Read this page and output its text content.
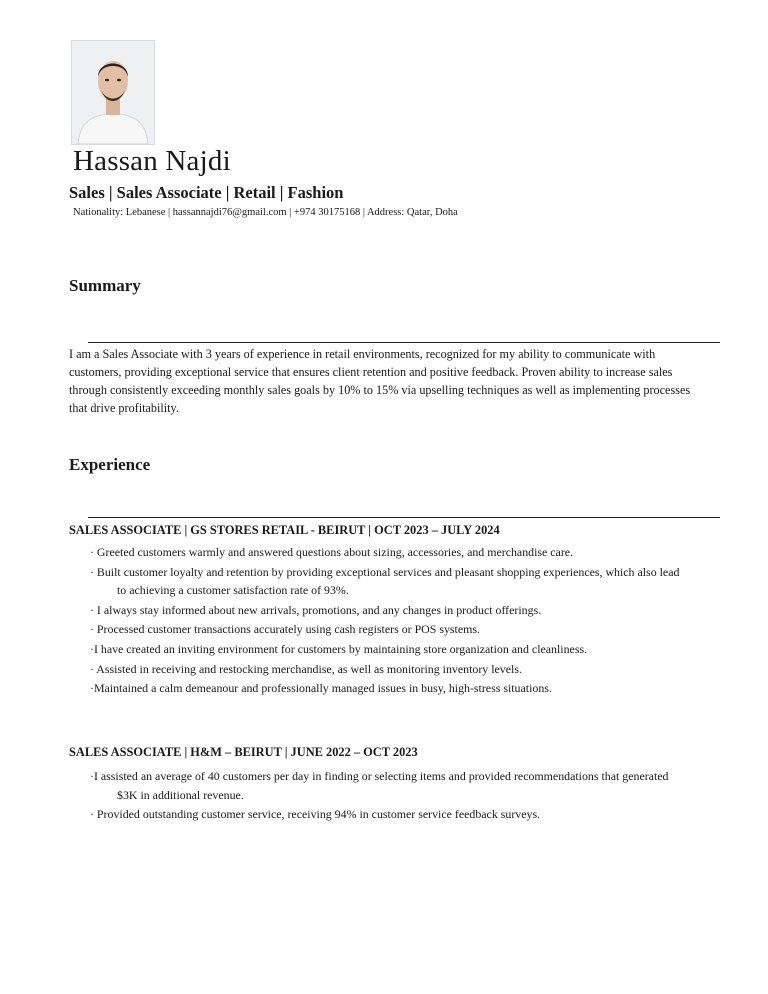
Hassan Najdi

Sales | Sales Associate | Retail | Fashion

Nationality: Lebanese | hassannajdi76@gmail.com | +974 30175168 | Address: Qatar, Doha

Summary

I am a Sales Associate with 3 years of experience in retail environments, recognized for my ability to communicate with customers, providing exceptional service that ensures client retention and positive feedback. Proven ability to increase sales through consistently exceeding monthly sales goals by 10% to 15% via upselling techniques as well as implementing processes that drive profitability.

Experience

SALES ASSOCIATE | GS STORES RETAIL - BEIRUT | OCT 2023 – JULY 2024

· Greeted customers warmly and answered questions about sizing, accessories, and merchandise care.
· Built customer loyalty and retention by providing exceptional services and pleasant shopping experiences, which also lead to achieving a customer satisfaction rate of 93%.
· I always stay informed about new arrivals, promotions, and any changes in product offerings.
· Processed customer transactions accurately using cash registers or POS systems.
·I have created an inviting environment for customers by maintaining store organization and cleanliness.
· Assisted in receiving and restocking merchandise, as well as monitoring inventory levels.
·Maintained a calm demeanour and professionally managed issues in busy, high-stress situations.

SALES ASSOCIATE | H&M – BEIRUT | JUNE 2022 – OCT 2023

·I assisted an average of 40 customers per day in finding or selecting items and provided recommendations that generated $3K in additional revenue.
· Provided outstanding customer service, receiving 94% in customer service feedback surveys.
